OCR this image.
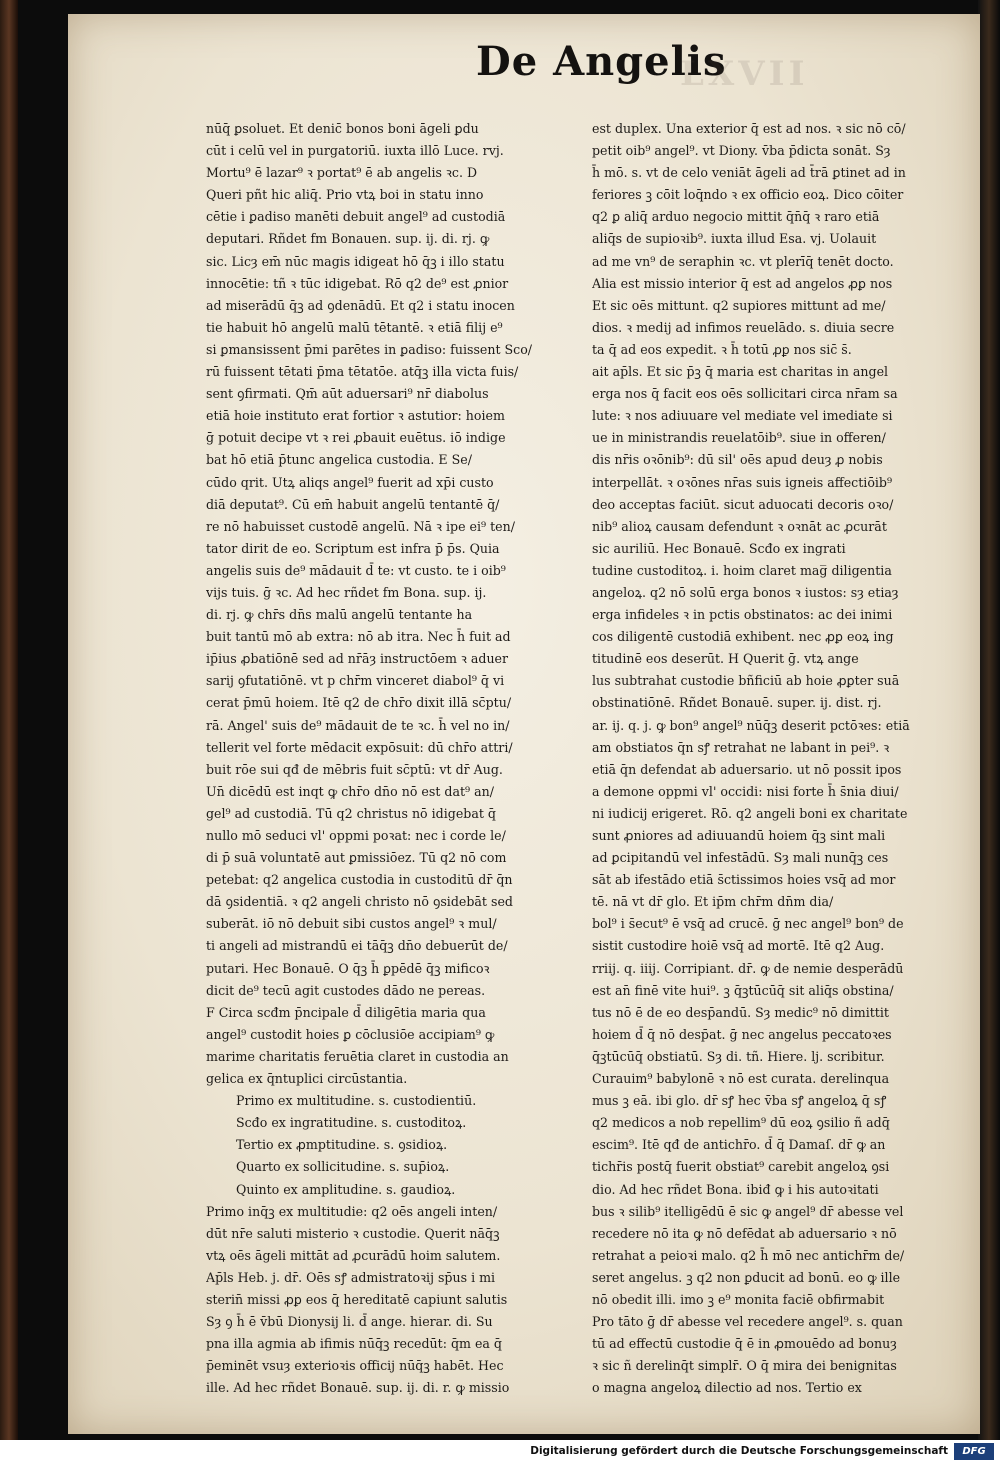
De Angelis
LXVII
nūq̄ ꝑsoluet. Et denic̄ bonos boni āgeli ꝑdu
cūt i celū vel in purgatoriū. iuxta illō Luce. rvj.
Mortu⁹ ē lazar⁹ ꝛ portat⁹ ē ab angelis ꝛc. D
Queri pñt hic aliq̄. Prio vtꝝ boi in statu inno
cētie i ꝑadiso manēti debuit angel⁹ ad custodiā
deputari. Rñdet fm Bonauen. sup. ij. di. rj. ꝙ
sic. Licȝ em̄ nūc magis idigeat hō q̄ꝫ i illo statu
innocētie: tñ ꝛ tūc idigebat. Rō q2 de⁹ est ꝓnior
ad miserādū q̄ꝫ ad ꝯdenādū. Et q2 i statu inocen
tie habuit hō angelū malū tētantē. ꝛ etiā filij e⁹
si ꝑmansissent p̄mi parētes in ꝑadiso: fuissent Sco/
rū fuissent tētati p̄ma tētatōe. atq̄ꝫ illa victa fuis/
sent ꝯfirmati. Qm̄ aūt aduersari⁹ nr̄ diabolus
etiā hoie instituto erat fortior ꝛ astutior: hoiem
ḡ potuit decipe vt ꝛ rei ꝓbauit euētus. iō indige
bat hō etiā p̄tunc angelica custodia. E Se/
cūdo qrit. Utꝝ aliqs angel⁹ fuerit ad xp̄i custo
diā deputat⁹. Cū em̄ habuit angelū tentantē q̄/
re nō habuisset custodē angelū. Nā ꝛ ipe ei⁹ ten/
tator dirit de eo. Scriptum est infra p̄ p̄s. Quia
angelis suis de⁹ mādauit d̄ te: vt custo. te i oib⁹
vijs tuis. ḡ ꝛc. Ad hec rñdet fm Bona. sup. ij.
di. rj. ꝙ chr̄s dn̄s malū angelū tentante ha
buit tantū mō ab extra: nō ab itra. Nec h̄ fuit ad
ip̄ius ꝓbatiōnē sed ad nr̄āȝ instructōem ꝛ aduer
sarij ꝯfutatiōnē. vt p chr̄m vinceret diabol⁹ q̄ vi
cerat p̄mū hoiem. Itē q2 de chr̄o dixit illā sc̄ptu/
rā. Angel' suis de⁹ mādauit de te ꝛc. h̄ vel no in/
tellerit vel forte mēdacit expōsuit: dū chr̄o attri/
buit rōe sui qđ de mēbris fuit sc̄ptū: vt dr̄ Aug.
Un̄ dicēdū est inqt ꝙ chr̄o dn̄o nō est dat⁹ an/
gel⁹ ad custodiā. Tū q2 christus nō idigebat q̄
nullo mō seduci vl' oppmi poꝛat: nec i corde le/
di p̄ suā voluntatē aut ꝑmissiōez. Tū q2 nō com
petebat: q2 angelica custodia in custoditū dr̄ q̄n
dā ꝯsidentiā. ꝛ q2 angeli christo nō ꝯsidebāt sed
suberāt. iō nō debuit sibi custos angel⁹ ꝛ mul/
ti angeli ad mistrandū ei tāq̄ꝫ dn̄o debuerūt de/
putari. Hec Bonauē. O q̄ꝫ h̄ ꝑpēdē q̄ꝫ mificoꝛ
dicit de⁹ tecū agit custodes dādo ne pereas.
F Circa scđm p̄ncipale d̄ diligētia maria qua
angel⁹ custodit hoies ꝑ cōclusiōe accipiam⁹ ꝙ
marime charitatis feruētia claret in custodia an
gelica ex q̄ntuplici circūstantia.
Primo ex multitudine. s. custodientiū.
Scđo ex ingratitudine. s. custoditoꝝ.
Tertio ex ꝓmptitudine. s. ꝯsidioꝝ.
Quarto ex sollicitudine. s. sup̄ioꝝ.
Quinto ex amplitudine. s. gaudioꝝ.
Primo inq̄ꝫ ex multitudie: q2 oēs angeli inten/
dūt nr̄e saluti misterio ꝛ custodie. Querit nāq̄ꝫ
vtꝝ oēs āgeli mittāt ad ꝓcurādū hoim salutem.
Ap̄ls Heb. j. dr̄. Oēs sꝭ admistratoꝛij sp̄us i mi
sterin̄ missi ꝓꝑ eos q̄ hereditatē capiunt salutis
Sȝ ꝯ h̄ ē v̄bū Dionysij li. d̄ ange. hierar. di. Su
pna illa agmia ab ifimis nūq̄ꝫ recedūt: q̄m ea q̄
p̄eminēt vsuȝ exterioꝛis officij nūq̄ꝫ habēt. Hec
ille. Ad hec rñdet Bonauē. sup. ij. di. r. ꝙ missio
est duplex. Una exterior q̄ est ad nos. ꝛ sic nō cō/
petit oib⁹ angel⁹. vt Diony. v̄ba p̄dicta sonāt. Sȝ
h̄ mō. s. vt de celo veniāt āgeli ad t̄rā ꝑtinet ad in
feriores ꝫ cōit loq̄ndo ꝛ ex officio eoꝝ. Dico cōiter
q2 ꝑ aliq̄ arduo negocio mittit q̄n̄q̄ ꝛ raro etiā
aliq̄s de supioꝛib⁹. iuxta illud Esa. vj. Uolauit
ad me vn⁹ de seraphin ꝛc. vt plerīq̄ tenēt docto.
Alia est missio interior q̄ est ad angelos ꝓꝑ nos
Et sic oēs mittunt. q2 supiores mittunt ad me/
dios. ꝛ medij ad infimos reuelādo. s. diuia secre
ta q̄ ad eos expedit. ꝛ h̄ totū ꝓꝑ nos sic̄ s̄.
ait ap̄ls. Et sic p̄ꝫ q̄ maria est charitas in angel
erga nos q̄ facit eos oēs sollicitari circa nr̄am sa
lute: ꝛ nos adiuuare vel mediate vel imediate si
ue in ministrandis reuelatōib⁹. siue in offeren/
dis nr̄is oꝛōnib⁹: dū sil' oēs apud deuȝ ꝓ nobis
interpellāt. ꝛ oꝛōnes nr̄as suis igneis affectiōib⁹
deo acceptas faciūt. sicut aduocati decoris oꝛo/
nib⁹ alioꝝ causam defendunt ꝛ oꝛnāt ac ꝓcurāt
sic auriliū. Hec Bonauē. Scđo ex ingrati
tudine custoditoꝝ. i. hoim claret mag̅ diligentia
angeloꝝ. q2 nō solū erga bonos ꝛ iustos: sȝ etiaȝ
erga infideles ꝛ in pctis obstinatos: ac dei inimi
cos diligentē custodiā exhibent. nec ꝓꝑ eoꝝ ing
titudinē eos deserūt. H Querit ḡ. vtꝝ ange
lus subtrahat custodie bñficiū ab hoie ꝓꝑter suā
obstinatiōnē. Rñdet Bonauē. super. ij. dist. rj.
ar. ij. q. j. ꝙ bon⁹ angel⁹ nūq̄ꝫ deserit pctōꝛes: etiā
am obstiatos q̄n sꝭ retrahat ne labant in pei⁹. ꝛ
etiā q̄n defendat ab aduersario. ut nō possit ipos
a demone oppmi vl' occidi: nisi forte h̄ s̄nia diui/
ni iudicij erigeret. Rō. q2 angeli boni ex charitate
sunt ꝓniores ad adiuuandū hoiem q̄ꝫ sint mali
ad ꝑcipitandū vel infestādū. Sȝ mali nunq̄ꝫ ces
sāt ab ifestādo etiā s̄ctissimos hoies vsq̄ ad mor
tē. nā vt dr̄ glo. Et ip̄m chr̄m dn̄m dia/
bol⁹ i s̄ecut⁹ ē vsq̄ ad crucē. ḡ nec angel⁹ bon⁹ de
sistit custodire hoiē vsq̄ ad mortē. Itē q2 Aug.
rriij. q. iiij. Corripiant. dr̄. ꝙ de nemie desperādū
est an̄ finē vite hui⁹. ꝫ q̄ꝫtūcūq̄ sit aliq̄s obstina/
tus nō ē de eo desp̄andū. Sȝ medic⁹ nō dimittit
hoiem d̄ q̄ nō desp̄at. ḡ nec angelus peccatoꝛes
q̄ꝫtūcūq̄ obstiatū. Sȝ di. tñ. Hiere. lj. scribitur.
Curauim⁹ babylonē ꝛ nō est curata. derelinqua
mus ꝫ eā. ibi glo. dr̄ sꝭ hec v̄ba sꝭ angeloꝝ q̄ sꝭ
q2 medicos a nob repellim⁹ dū eoꝝ ꝯsilio ñ adq̄
escim⁹. Itē qđ de antichr̄o. d̄ q̄ Damaſ. dr̄ ꝙ an
tichr̄is postq̄ fuerit obstiat⁹ carebit angeloꝝ ꝯsi
dio. Ad hec rñdet Bona. ibiđ ꝙ i his autoꝛitati
bus ꝛ silib⁹ itelligēdū ē sic ꝙ angel⁹ dr̄ abesse vel
recedere nō ita ꝙ nō defēdat ab aduersario ꝛ nō
retrahat a peioꝛi malo. q2 h̄ mō nec antichr̄m de/
seret angelus. ꝫ q2 non ꝑducit ad bonū. eo ꝙ ille
nō obedit illi. imo ꝫ e⁹ monita faciē obfirmabit
Pro tāto ḡ dr̄ abesse vel recedere angel⁹. s. quan
tū ad effectū custodie q̄ ē in ꝓmouēdo ad bonuȝ
ꝛ sic ñ derelinq̄t simplr̄. O q̄ mira dei benignitas
o magna angeloꝝ dilectio ad nos. Tertio ex
Digitalisierung gefördert durch die Deutsche Forschungsgemeinschaft	DFG
